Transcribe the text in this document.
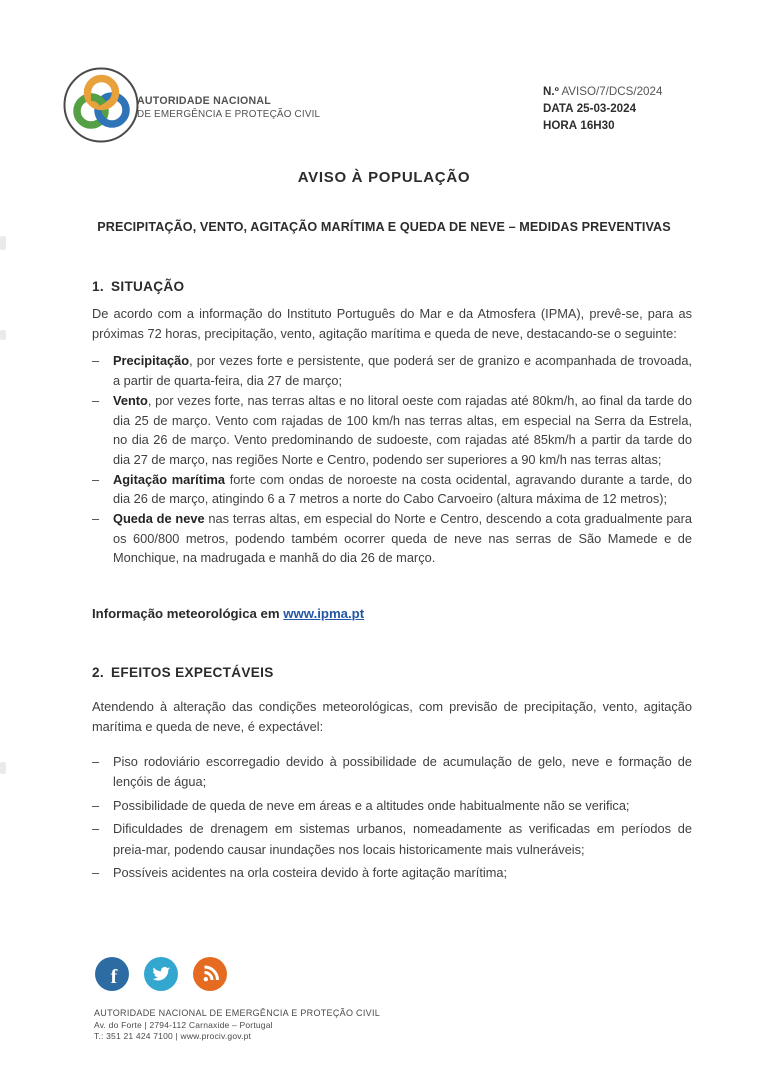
AUTORIDADE NACIONAL
DE EMERGÊNCIA E PROTEÇÃO CIVIL
N.º AVISO/7/DCS/2024
DATA 25-03-2024
HORA 16H30
AVISO À POPULAÇÃO
PRECIPITAÇÃO, VENTO, AGITAÇÃO MARÍTIMA E QUEDA DE NEVE – MEDIDAS PREVENTIVAS
1. SITUAÇÃO
De acordo com a informação do Instituto Português do Mar e da Atmosfera (IPMA), prevê-se, para as próximas 72 horas, precipitação, vento, agitação marítima e queda de neve, destacando-se o seguinte:
–	Precipitação, por vezes forte e persistente, que poderá ser de granizo e acompanhada de trovoada, a partir de quarta-feira, dia 27 de março;
–	Vento, por vezes forte, nas terras altas e no litoral oeste com rajadas até 80km/h, ao final da tarde do dia 25 de março. Vento com rajadas de 100 km/h nas terras altas, em especial na Serra da Estrela, no dia 26 de março. Vento predominando de sudoeste, com rajadas até 85km/h a partir da tarde do dia 27 de março, nas regiões Norte e Centro, podendo ser superiores a 90 km/h nas terras altas;
–	Agitação marítima forte com ondas de noroeste na costa ocidental, agravando durante a tarde, do dia 26 de março, atingindo 6 a 7 metros a norte do Cabo Carvoeiro (altura máxima de 12 metros);
–	Queda de neve nas terras altas, em especial do Norte e Centro, descendo a cota gradualmente para os 600/800 metros, podendo também ocorrer queda de neve nas serras de São Mamede e de Monchique, na madrugada e manhã do dia 26 de março.
Informação meteorológica em www.ipma.pt
2. EFEITOS EXPECTÁVEIS
Atendendo à alteração das condições meteorológicas, com previsão de precipitação, vento, agitação marítima e queda de neve, é expectável:
–	Piso rodoviário escorregadio devido à possibilidade de acumulação de gelo, neve e formação de lençóis de água;
–	Possibilidade de queda de neve em áreas e a altitudes onde habitualmente não se verifica;
–	Dificuldades de drenagem em sistemas urbanos, nomeadamente as verificadas em períodos de preia-mar, podendo causar inundações nos locais historicamente mais vulneráveis;
–	Possíveis acidentes na orla costeira devido à forte agitação marítima;
f
AUTORIDADE NACIONAL DE EMERGÊNCIA E PROTEÇÃO CIVIL
Av. do Forte | 2794-112 Carnaxide – Portugal
T.: 351 21 424 7100 | www.prociv.gov.pt
